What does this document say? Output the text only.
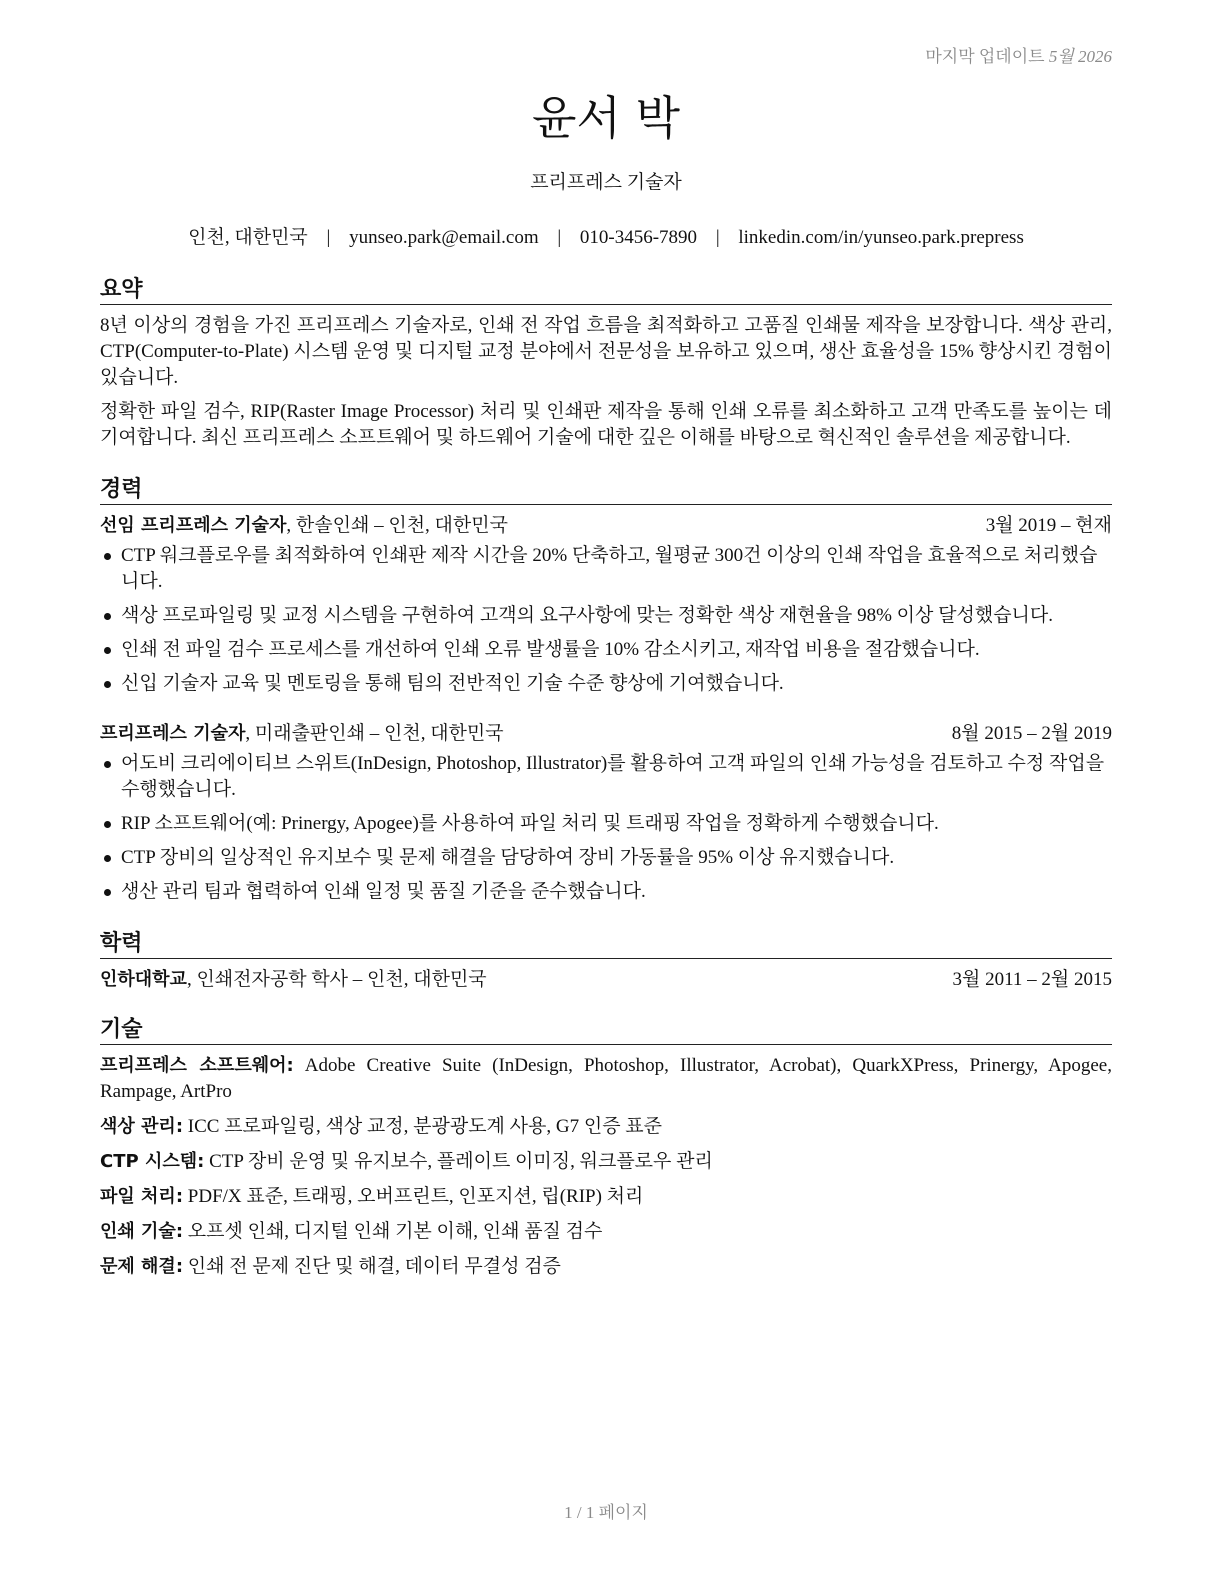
마지막 업데이트 5월 2026
윤서 박
프리프레스 기술자
인천, 대한민국 | yunseo.park@email.com | 010-3456-7890 | linkedin.com/in/yunseo.park.prepress
요약

8년 이상의 경험을 가진 프리프레스 기술자로, 인쇄 전 작업 흐름을 최적화하고 고품질 인쇄물 제작을 보장합니다. 색상 관리, CTP(Computer-to-Plate) 시스템 운영 및 디지털 교정 분야에서 전문성을 보유하고 있으며, 생산 효율성을 15% 향상시킨 경험이 있습니다.

정확한 파일 검수, RIP(Raster Image Processor) 처리 및 인쇄판 제작을 통해 인쇄 오류를 최소화하고 고객 만족도를 높이는 데 기여합니다. 최신 프리프레스 소프트웨어 및 하드웨어 기술에 대한 깊은 이해를 바탕으로 혁신적인 솔루션을 제공합니다.

경력
선임 프리프레스 기술자, 한솔인쇄 – 인천, 대한민국	3월 2019 – 현재
CTP 워크플로우를 최적화하여 인쇄판 제작 시간을 20% 단축하고, 월평균 300건 이상의 인쇄 작업을 효율적으로 처리했습니다.
색상 프로파일링 및 교정 시스템을 구현하여 고객의 요구사항에 맞는 정확한 색상 재현율을 98% 이상 달성했습니다.
인쇄 전 파일 검수 프로세스를 개선하여 인쇄 오류 발생률을 10% 감소시키고, 재작업 비용을 절감했습니다.
신입 기술자 교육 및 멘토링을 통해 팀의 전반적인 기술 수준 향상에 기여했습니다.
프리프레스 기술자, 미래출판인쇄 – 인천, 대한민국	8월 2015 – 2월 2019
어도비 크리에이티브 스위트(InDesign, Photoshop, Illustrator)를 활용하여 고객 파일의 인쇄 가능성을 검토하고 수정 작업을 수행했습니다.
RIP 소프트웨어(예: Prinergy, Apogee)를 사용하여 파일 처리 및 트래핑 작업을 정확하게 수행했습니다.
CTP 장비의 일상적인 유지보수 및 문제 해결을 담당하여 장비 가동률을 95% 이상 유지했습니다.
생산 관리 팀과 협력하여 인쇄 일정 및 품질 기준을 준수했습니다.
학력
인하대학교, 인쇄전자공학 학사 – 인천, 대한민국	3월 2011 – 2월 2015
기술

프리프레스 소프트웨어: Adobe Creative Suite (InDesign, Photoshop, Illustrator, Acrobat), QuarkXPress, Prinergy, Apogee, Rampage, ArtPro

색상 관리: ICC 프로파일링, 색상 교정, 분광광도계 사용, G7 인증 표준

CTP 시스템: CTP 장비 운영 및 유지보수, 플레이트 이미징, 워크플로우 관리

파일 처리: PDF/X 표준, 트래핑, 오버프린트, 인포지션, 립(RIP) 처리

인쇄 기술: 오프셋 인쇄, 디지털 인쇄 기본 이해, 인쇄 품질 검수

문제 해결: 인쇄 전 문제 진단 및 해결, 데이터 무결성 검증

1 / 1 페이지
